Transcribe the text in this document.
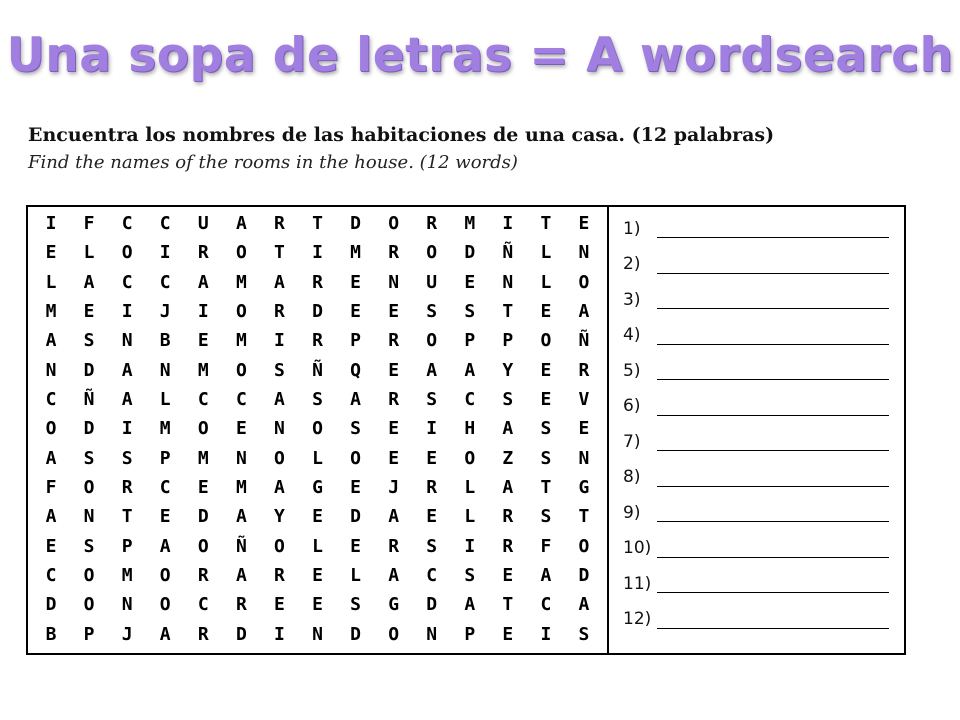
Una sopa de letras = A wordsearch
Encuentra los nombres de las habitaciones de una casa. (12 palabras)
Find the names of the rooms in the house. (12 words)
I	F	C	C	U	A	R	T	D	O	R	M	I	T	E
E	L	O	I	R	O	T	I	M	R	O	D	Ñ	L	N
L	A	C	C	A	M	A	R	E	N	U	E	N	L	O
M	E	I	J	I	O	R	D	E	E	S	S	T	E	A
A	S	N	B	E	M	I	R	P	R	O	P	P	O	Ñ
N	D	A	N	M	O	S	Ñ	Q	E	A	A	Y	E	R
C	Ñ	A	L	C	C	A	S	A	R	S	C	S	E	V
O	D	I	M	O	E	N	O	S	E	I	H	A	S	E
A	S	S	P	M	N	O	L	O	E	E	O	Z	S	N
F	O	R	C	E	M	A	G	E	J	R	L	A	T	G
A	N	T	E	D	A	Y	E	D	A	E	L	R	S	T
E	S	P	A	O	Ñ	O	L	E	R	S	I	R	F	O
C	O	M	O	R	A	R	E	L	A	C	S	E	A	D
D	O	N	O	C	R	E	E	S	G	D	A	T	C	A
B	P	J	A	R	D	I	N	D	O	N	P	E	I	S
1)
2)
3)
4)
5)
6)
7)
8)
9)
10)
11)
12)
